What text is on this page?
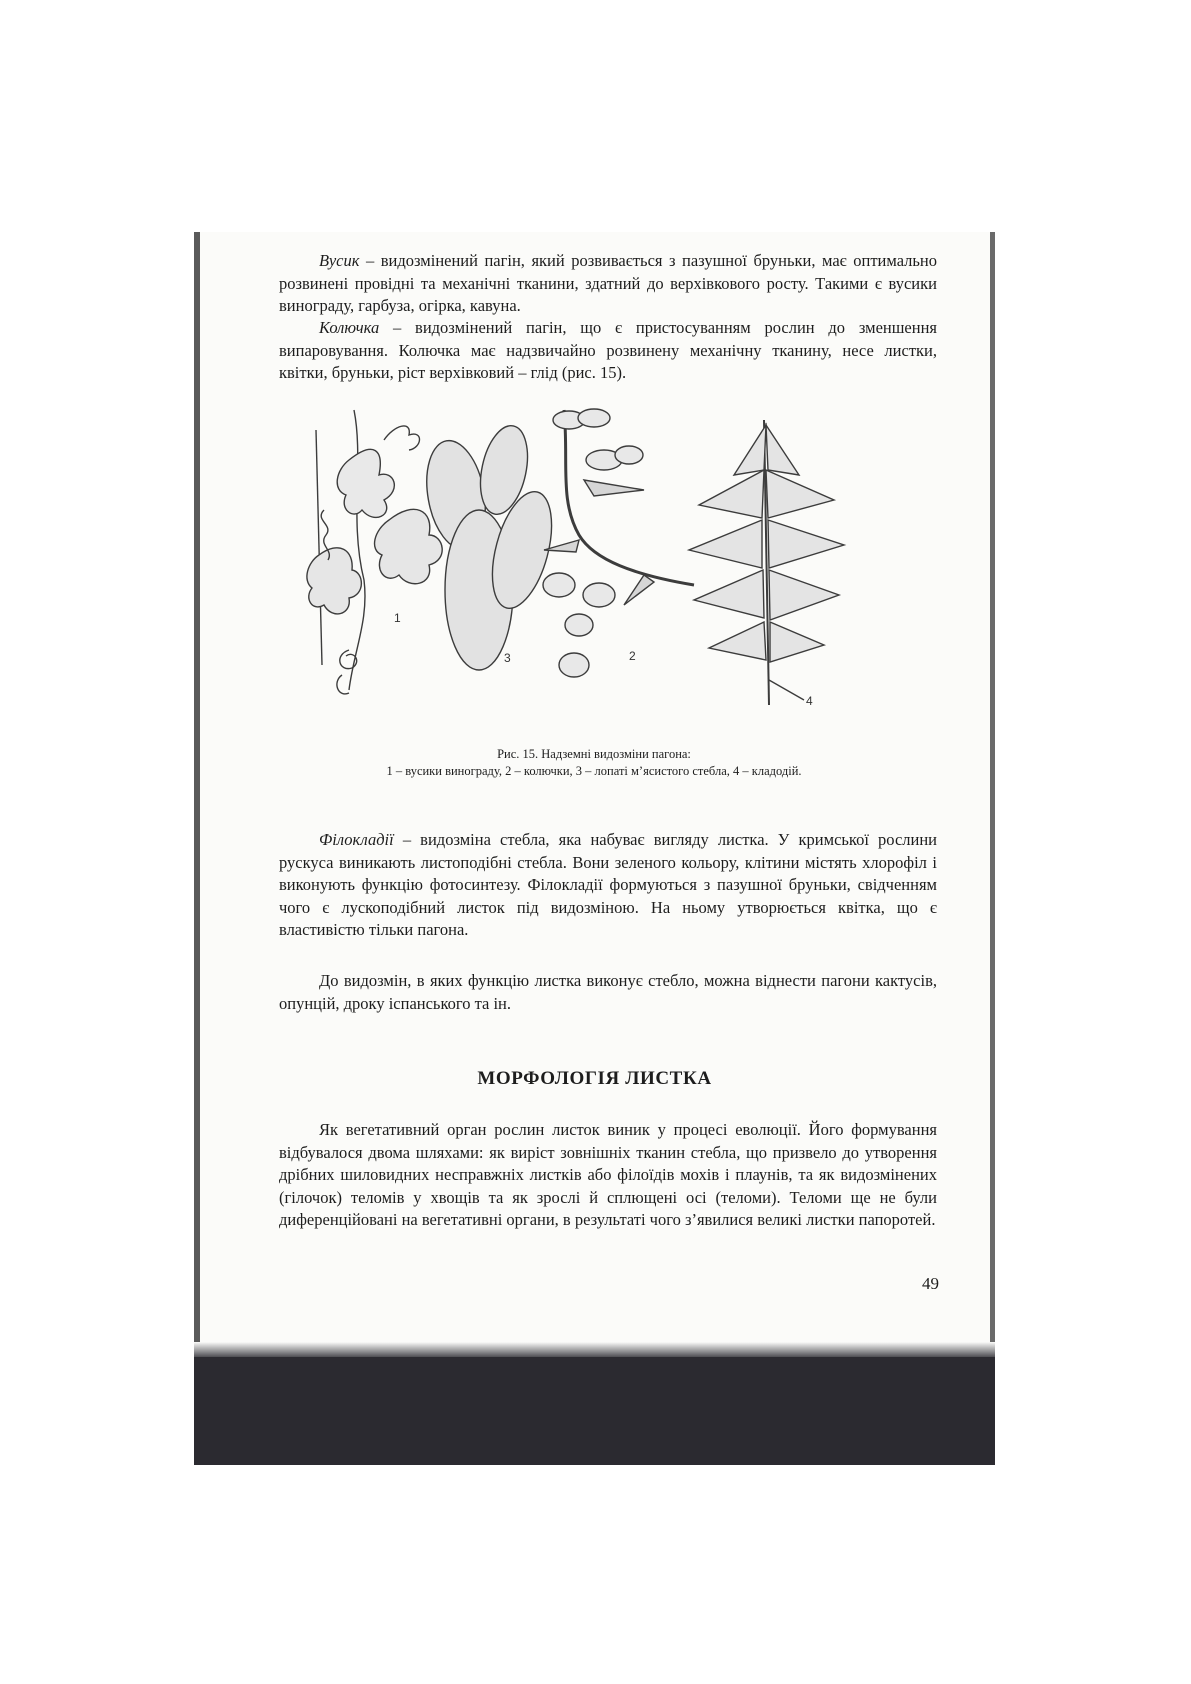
Вусик – видозмінений пагін, який розвивається з пазушної бруньки, має оптимально розвинені провідні та механічні тканини, здатний до верхівкового росту. Такими є вусики винограду, гарбуза, огірка, кавуна.

Колючка – видозмінений пагін, що є пристосуванням рослин до зменшення випаровування. Колючка має надзвичайно розвинену механічну тканину, несе листки, квітки, бруньки, ріст верхівковий – глід (рис. 15).

1
2
3
4
Рис. 15. Надземні видозміни пагона:
1 – вусики винограду, 2 – колючки, 3 – лопаті м’ясистого стебла, 4 – кладодій.

Філокладії – видозміна стебла, яка набуває вигляду листка. У кримської рослини рускуса виникають листоподібні стебла. Вони зеленого кольору, клітини містять хлорофіл і виконують функцію фотосинтезу. Філокладії формуються з пазушної бруньки, свідченням чого є лускоподібний листок під видозміною. На ньому утворюється квітка, що є властивістю тільки пагона.

До видозмін, в яких функцію листка виконує стебло, можна віднести пагони кактусів, опунцій, дроку іспанського та ін.

МОРФОЛОГІЯ ЛИСТКА

Як вегетативний орган рослин листок виник у процесі еволюції. Його формування відбувалося двома шляхами: як виріст зовнішніх тканин стебла, що призвело до утворення дрібних шиловидних несправжніх листків або філоїдів мохів і плаунів, та як видозмінених (гілочок) теломів у хвощів та як зрослі й сплющені осі (теломи). Теломи ще не були диференційовані на вегетативні органи, в результаті чого з’явилися великі листки папоротей.

49
